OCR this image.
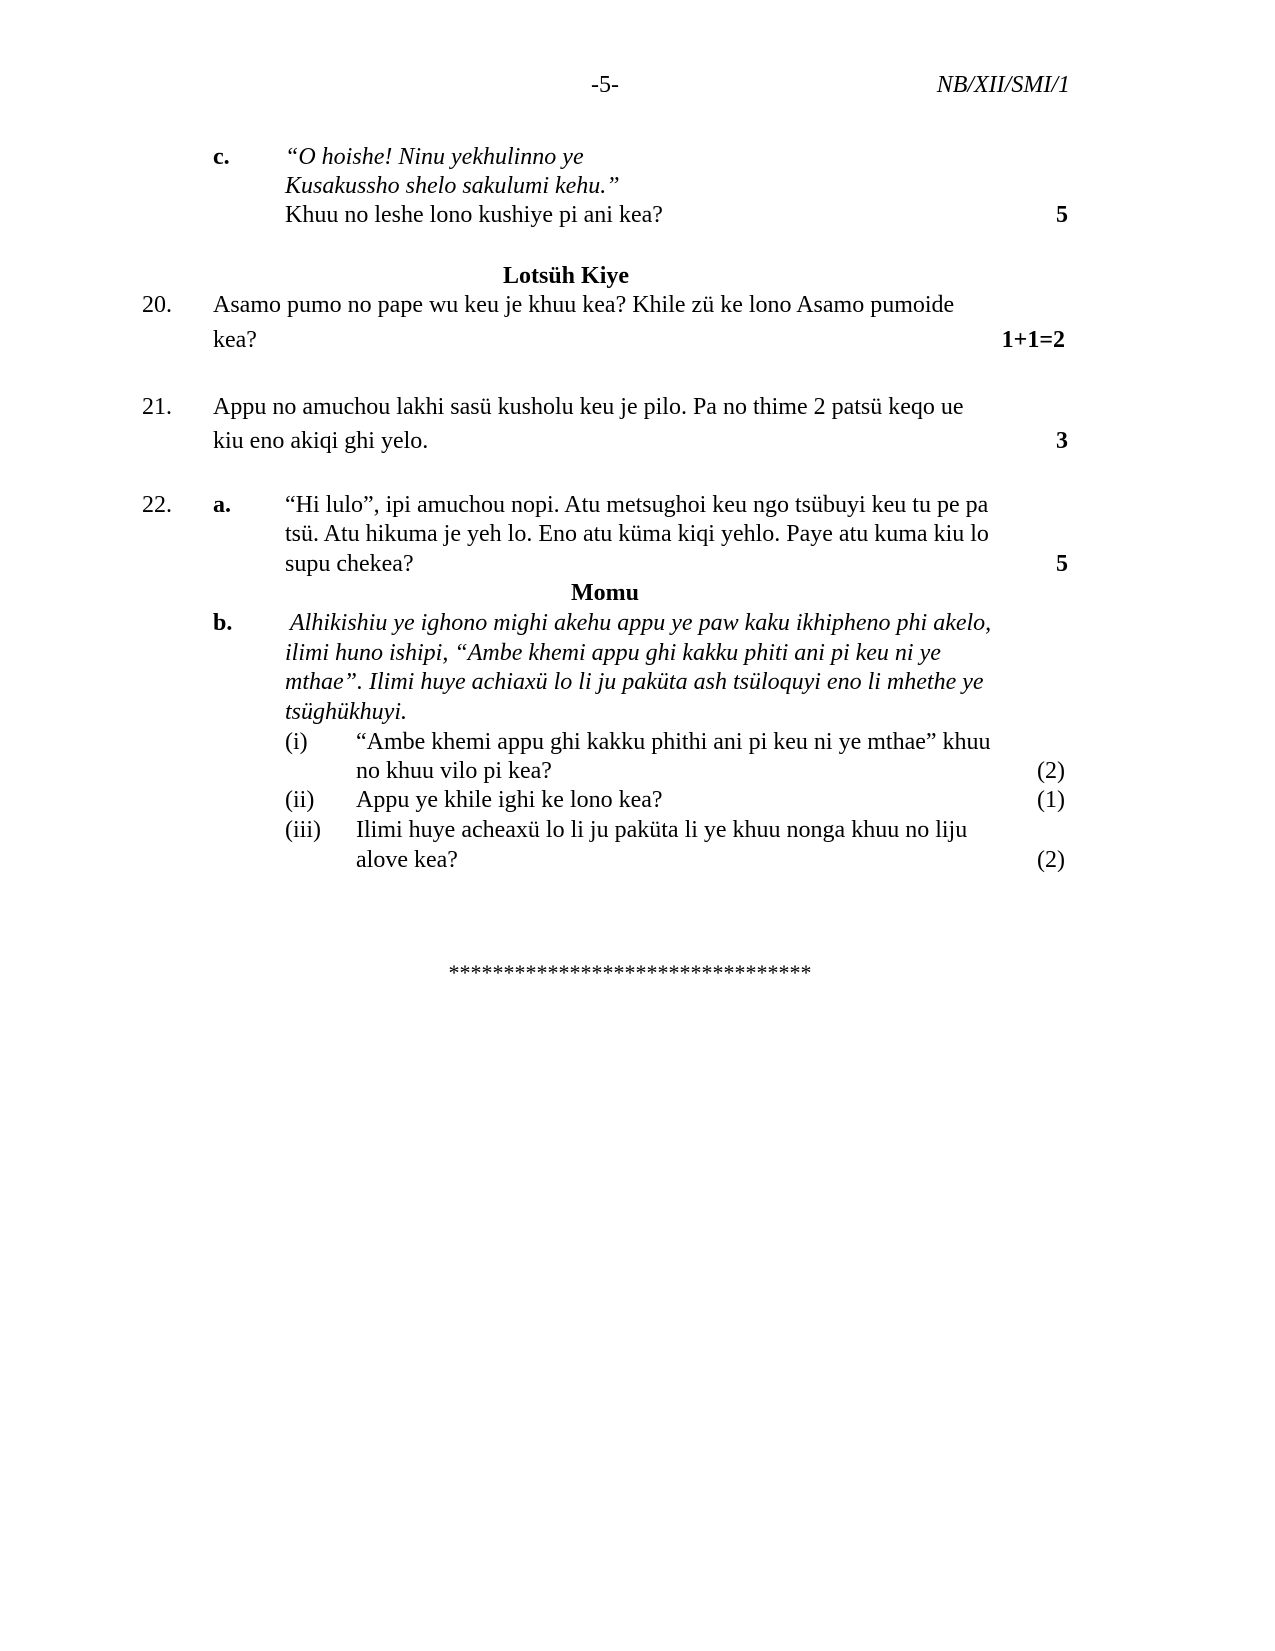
-5-	NB/XII/SMI/1
c. “O hoishe! Ninu yekhulinno ye
Kusakussho shelo sakulumi kehu.”
Khuu no leshe lono kushiye pi ani kea?	5
Lotsüh Kiye
20. Asamo pumo no pape wu keu je khuu kea? Khile zü ke lono Asamo pumoide
kea?	1+1=2
21. Appu no amuchou lakhi sasü kusholu keu je pilo. Pa no thime 2 patsü keqo ue
kiu eno akiqi ghi yelo.	3
22. a. “Hi lulo”, ipi amuchou nopi. Atu metsughoi keu ngo tsübuyi keu tu pe pa
tsü. Atu hikuma je yeh lo. Eno atu küma kiqi yehlo. Paye atu kuma kiu lo
supu chekea?	5
Momu
b. Alhikishiu ye ighono mighi akehu appu ye paw kaku ikhipheno phi akelo,
ilimi huno ishipi, “Ambe khemi appu ghi kakku phiti ani pi keu ni ye
mthae”. Ilimi huye achiaxü lo li ju paküta ash tsüloquyi eno li mhethe ye
tsüghükhuyi.
(i) “Ambe khemi appu ghi kakku phithi ani pi keu ni ye mthae” khuu
no khuu vilo pi kea?	(2)
(ii) Appu ye khile ighi ke lono kea?	(1)
(iii) Ilimi huye acheaxü lo li ju paküta li ye khuu nonga khuu no liju
alove kea?	(2)
*********************************
